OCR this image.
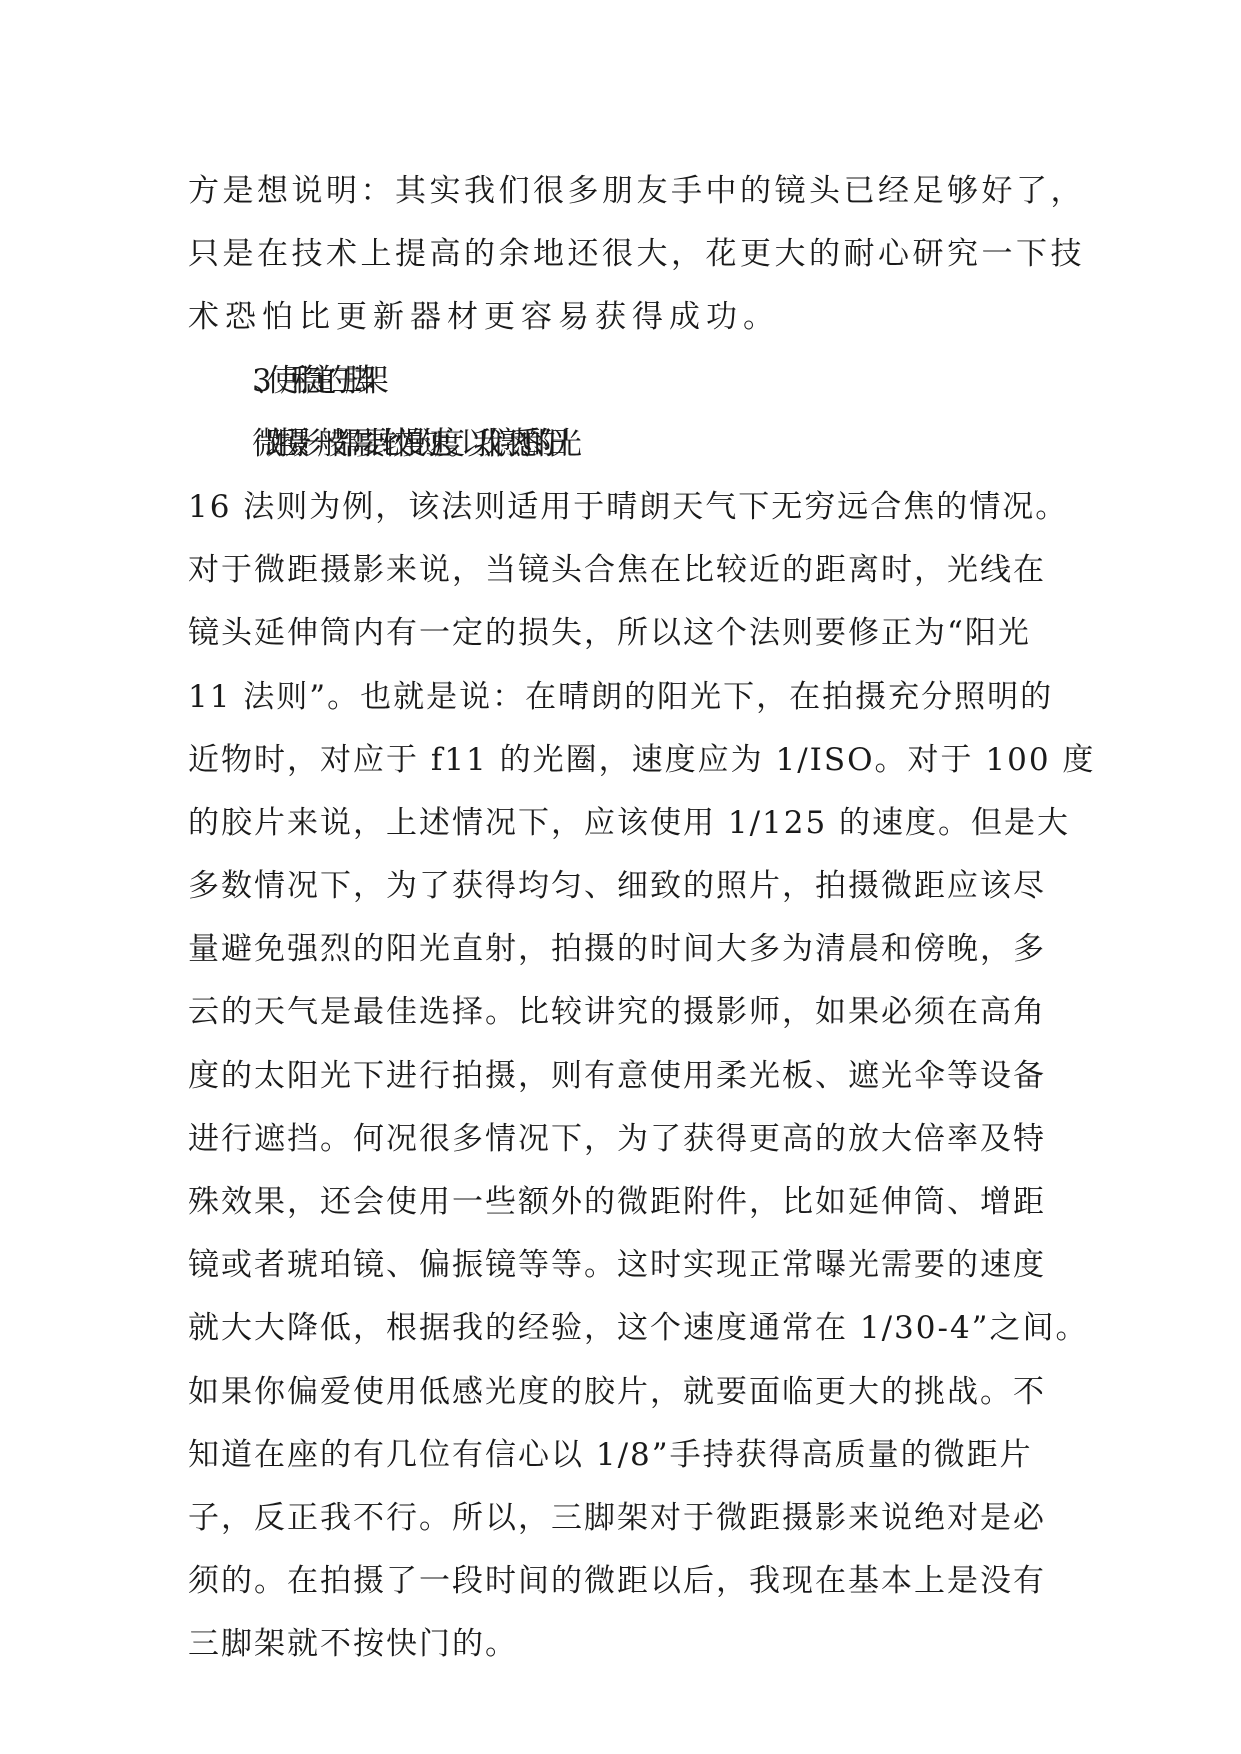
方是想说明：其实我们很多朋友手中的镜头已经足够好了，
只是在技术上提高的余地还很大，花更大的耐心研究一下技
术恐怕比更新器材更容易获得成功。
3、使用稳定的三脚架
微距摄影一般都需要比较慢的速度。以我们熟悉的阳光
16 法则为例，该法则适用于晴朗天气下无穷远合焦的情况。
对于微距摄影来说，当镜头合焦在比较近的距离时，光线在
镜头延伸筒内有一定的损失，所以这个法则要修正为“阳光
11 法则”。也就是说：在晴朗的阳光下，在拍摄充分照明的
近物时，对应于 f11 的光圈，速度应为 1/ISO。对于 100 度
的胶片来说，上述情况下，应该使用 1/125 的速度。但是大
多数情况下，为了获得均匀、细致的照片，拍摄微距应该尽
量避免强烈的阳光直射，拍摄的时间大多为清晨和傍晚，多
云的天气是最佳选择。比较讲究的摄影师，如果必须在高角
度的太阳光下进行拍摄，则有意使用柔光板、遮光伞等设备
进行遮挡。何况很多情况下，为了获得更高的放大倍率及特
殊效果，还会使用一些额外的微距附件，比如延伸筒、增距
镜或者琥珀镜、偏振镜等等。这时实现正常曝光需要的速度
就大大降低，根据我的经验，这个速度通常在 1/30-4”之间。
如果你偏爱使用低感光度的胶片，就要面临更大的挑战。不
知道在座的有几位有信心以 1/8”手持获得高质量的微距片
子，反正我不行。所以，三脚架对于微距摄影来说绝对是必
须的。在拍摄了一段时间的微距以后，我现在基本上是没有
三脚架就不按快门的。
